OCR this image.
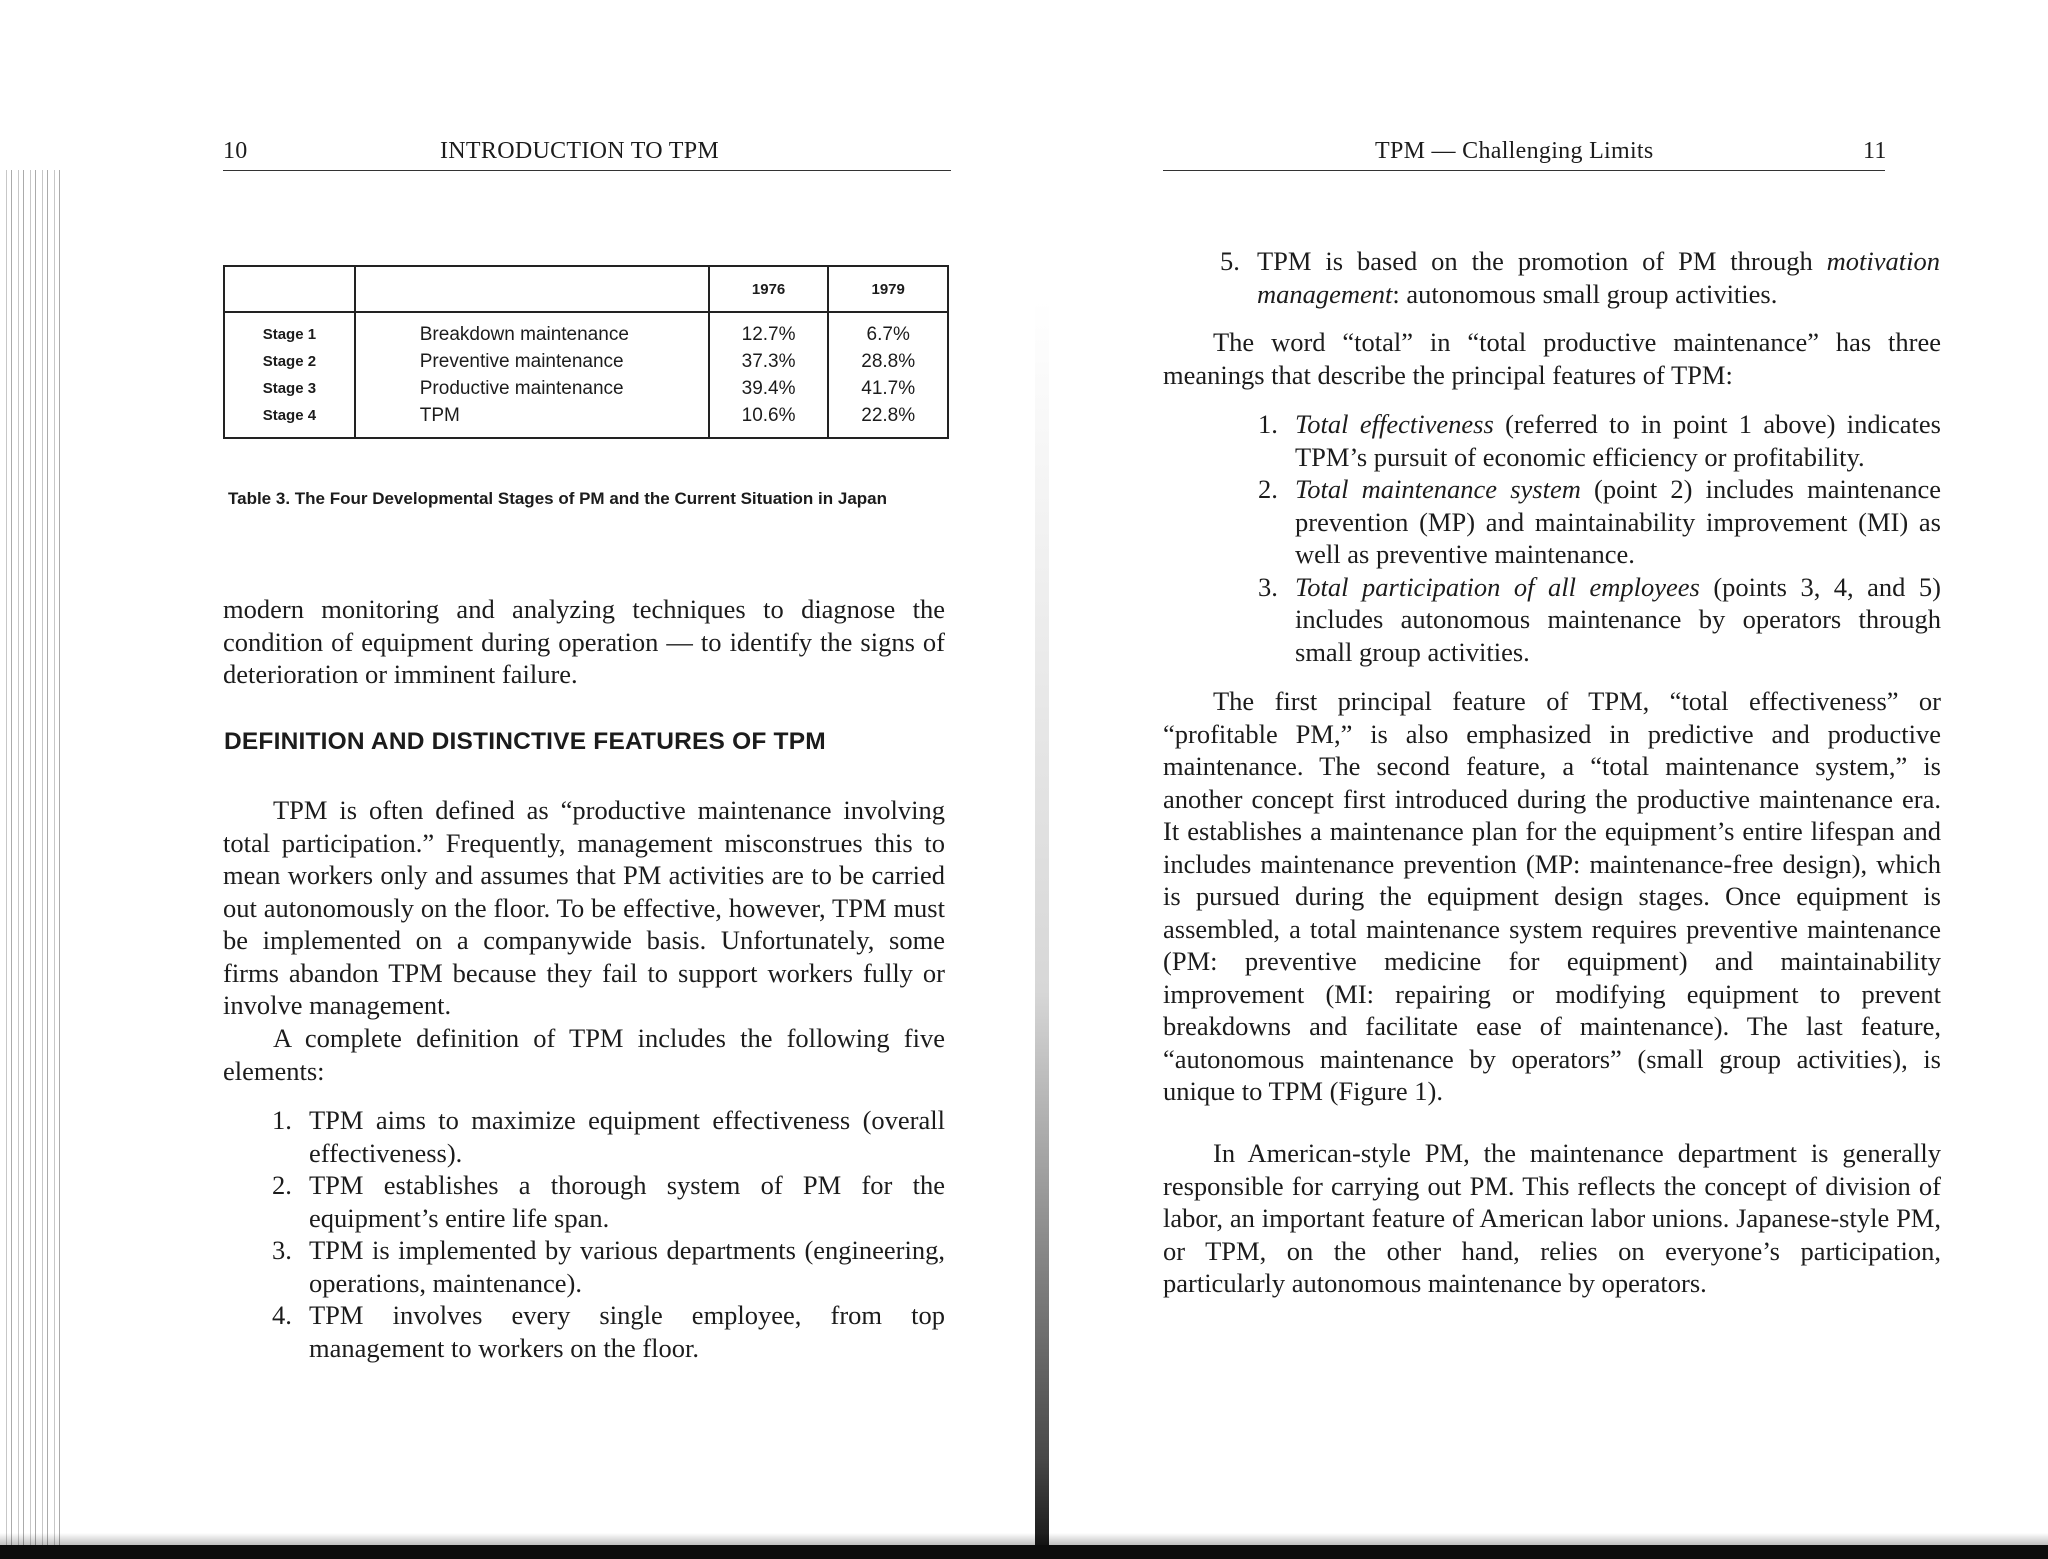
10	INTRODUCTION TO TPM
		1976	1979
Stage 1	Breakdown maintenance	12.7%	6.7%
Stage 2	Preventive maintenance	37.3%	28.8%
Stage 3	Productive maintenance	39.4%	41.7%
Stage 4	TPM	10.6%	22.8%
Table 3. The Four Developmental Stages of PM and the Current Situation in Japan

modern monitoring and analyzing techniques to diagnose the condition of equipment during operation — to identify the signs of deterioration or imminent failure.

DEFINITION AND DISTINCTIVE FEATURES OF TPM

TPM is often defined as “productive maintenance involving total participation.” Frequently, management misconstrues this to mean workers only and assumes that PM activities are to be carried out autonomously on the floor. To be effective, however, TPM must be implemented on a companywide basis. Unfortunately, some firms abandon TPM because they fail to support workers fully or involve management.

A complete definition of TPM includes the following five elements:

1. TPM aims to maximize equipment effectiveness (overall effectiveness).
2. TPM establishes a thorough system of PM for the equipment’s entire life span.
3. TPM is implemented by various departments (engineering, operations, maintenance).
4. TPM involves every single employee, from top management to workers on the floor.
TPM — Challenging Limits	11
5. TPM is based on the promotion of PM through motivation management: autonomous small group activities.

The word “total” in “total productive maintenance” has three meanings that describe the principal features of TPM:

1. Total effectiveness (referred to in point 1 above) indicates TPM’s pursuit of economic efficiency or profitability.
2. Total maintenance system (point 2) includes maintenance prevention (MP) and maintainability improvement (MI) as well as preventive maintenance.
3. Total participation of all employees (points 3, 4, and 5) includes autonomous maintenance by operators through small group activities.

The first principal feature of TPM, “total effectiveness” or “profitable PM,” is also emphasized in predictive and productive maintenance. The second feature, a “total maintenance system,” is another concept first introduced during the productive maintenance era. It establishes a maintenance plan for the equipment’s entire lifespan and includes maintenance prevention (MP: maintenance-free design), which is pursued during the equipment design stages. Once equipment is assembled, a total maintenance system requires preventive maintenance (PM: preventive medicine for equipment) and maintainability improvement (MI: repairing or modifying equipment to prevent breakdowns and facilitate ease of maintenance). The last feature, “autonomous maintenance by operators” (small group activities), is unique to TPM (Figure 1).

In American-style PM, the maintenance department is generally responsible for carrying out PM. This reflects the concept of division of labor, an important feature of American labor unions. Japanese-style PM, or TPM, on the other hand, relies on everyone’s participation, particularly autonomous maintenance by operators.
